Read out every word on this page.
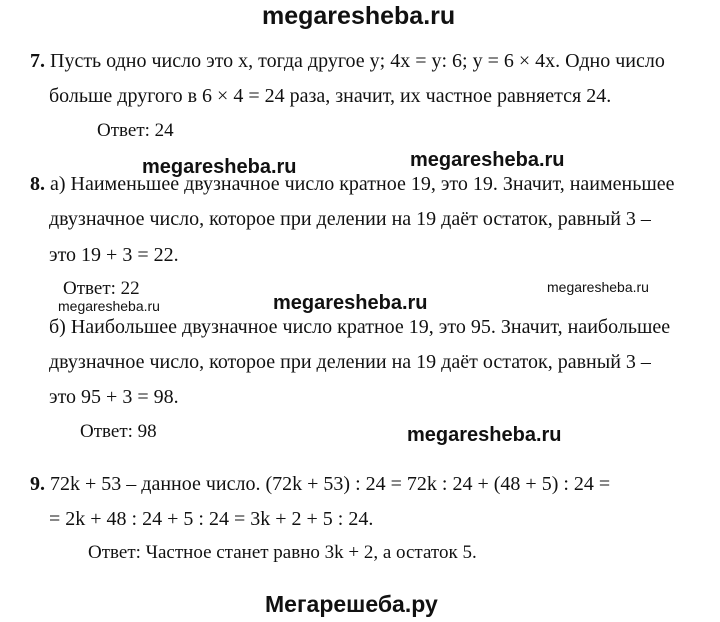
megaresheba.ru
7. Пусть одно число это x, тогда другое y; 4x = y: 6; y = 6 × 4x. Одно число
больше другого в 6 × 4 = 24 раза, значит, их частное равняется 24.
Ответ: 24
megaresheba.ru	megaresheba.ru
8. а) Наименьшее двузначное число кратное 19, это 19. Значит, наименьшее
двузначное число, которое при делении на 19 даёт остаток, равный 3 –
это 19 + 3 = 22.
Ответ: 22	megaresheba.ru
megaresheba.ru	megaresheba.ru
б) Наибольшее двузначное число кратное 19, это 95. Значит, наибольшее
двузначное число, которое при делении на 19 даёт остаток, равный 3 –
это 95 + 3 = 98.
Ответ: 98	megaresheba.ru
9. 72k + 53 – данное число. (72k + 53) : 24 = 72k : 24 + (48 + 5) : 24 =
= 2k + 48 : 24 + 5 : 24 = 3k + 2 + 5 : 24.
Ответ: Частное станет равно 3k + 2, а остаток 5.
Мегарешеба.ру
